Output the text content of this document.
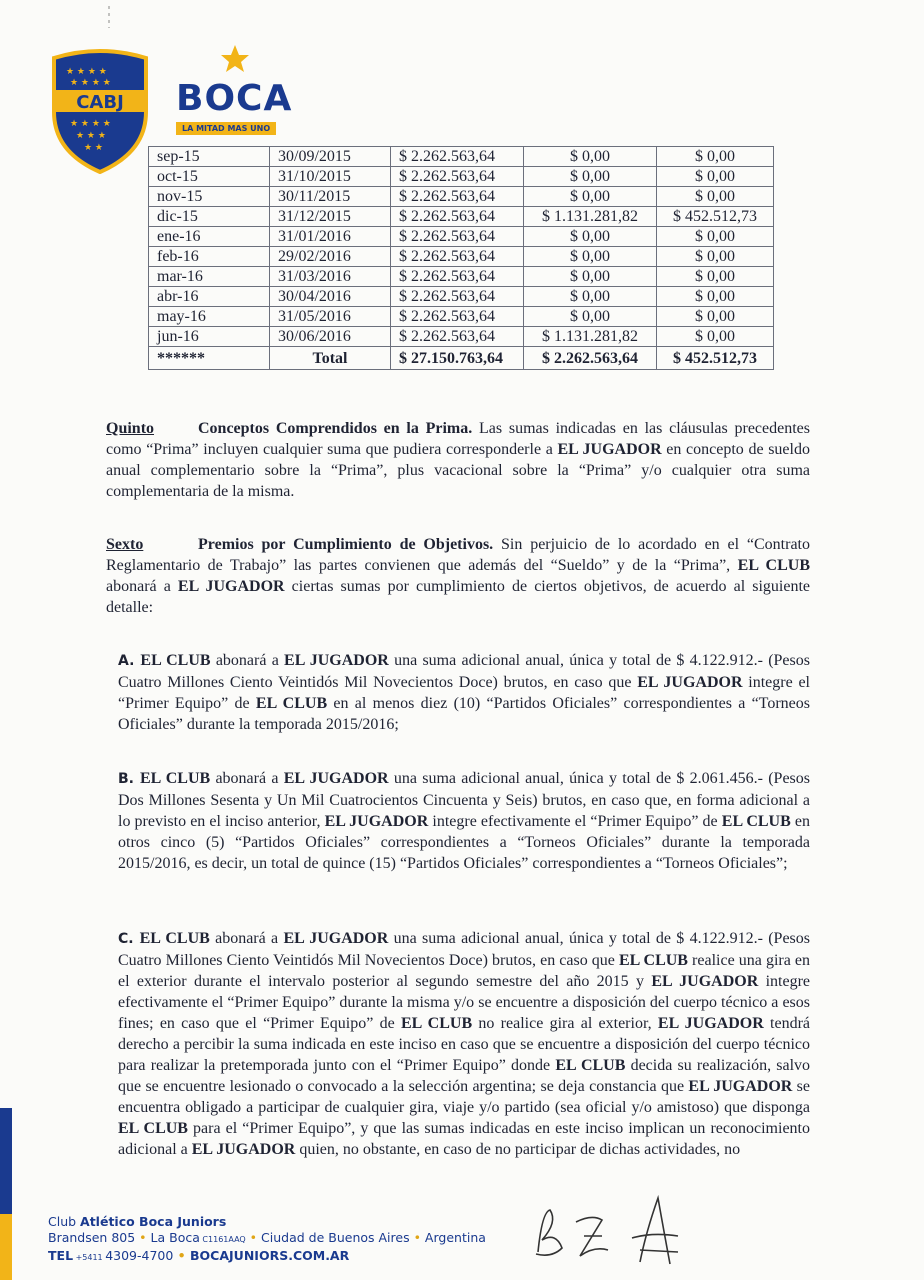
★ ★ ★ ★
★ ★ ★ ★
★ ★ ★ ★
★ ★ ★
★ ★
CABJ BOCA
LA MITAD MAS UNO
sep-15	30/09/2015	$ 2.262.563,64	$ 0,00	$ 0,00
oct-15	31/10/2015	$ 2.262.563,64	$ 0,00	$ 0,00
nov-15	30/11/2015	$ 2.262.563,64	$ 0,00	$ 0,00
dic-15	31/12/2015	$ 2.262.563,64	$ 1.131.281,82	$ 452.512,73
ene-16	31/01/2016	$ 2.262.563,64	$ 0,00	$ 0,00
feb-16	29/02/2016	$ 2.262.563,64	$ 0,00	$ 0,00
mar-16	31/03/2016	$ 2.262.563,64	$ 0,00	$ 0,00
abr-16	30/04/2016	$ 2.262.563,64	$ 0,00	$ 0,00
may-16	31/05/2016	$ 2.262.563,64	$ 0,00	$ 0,00
jun-16	30/06/2016	$ 2.262.563,64	$ 1.131.281,82	$ 0,00
******	Total	$ 27.150.763,64	$ 2.262.563,64	$ 452.512,73
Quinto	Conceptos Comprendidos en la Prima. Las sumas indicadas en las cláusulas precedentes como “Prima” incluyen cualquier suma que pudiera corresponderle a EL JUGADOR en concepto de sueldo anual complementario sobre la “Prima”, plus vacacional sobre la “Prima” y/o cualquier otra suma complementaria de la misma.
Sexto	Premios por Cumplimiento de Objetivos. Sin perjuicio de lo acordado en el “Contrato Reglamentario de Trabajo” las partes convienen que además del “Sueldo” y de la “Prima”, EL CLUB abonará a EL JUGADOR ciertas sumas por cumplimiento de ciertos objetivos, de acuerdo al siguiente detalle:
A. EL CLUB abonará a EL JUGADOR una suma adicional anual, única y total de $ 4.122.912.- (Pesos Cuatro Millones Ciento Veintidós Mil Novecientos Doce) brutos, en caso que EL JUGADOR integre el “Primer Equipo” de EL CLUB en al menos diez (10) “Partidos Oficiales” correspondientes a “Torneos Oficiales” durante la temporada 2015/2016;
B. EL CLUB abonará a EL JUGADOR una suma adicional anual, única y total de $ 2.061.456.- (Pesos Dos Millones Sesenta y Un Mil Cuatrocientos Cincuenta y Seis) brutos, en caso que, en forma adicional a lo previsto en el inciso anterior, EL JUGADOR integre efectivamente el “Primer Equipo” de EL CLUB en otros cinco (5) “Partidos Oficiales” correspondientes a “Torneos Oficiales” durante la temporada 2015/2016, es decir, un total de quince (15) “Partidos Oficiales” correspondientes a “Torneos Oficiales”;
C. EL CLUB abonará a EL JUGADOR una suma adicional anual, única y total de $ 4.122.912.- (Pesos Cuatro Millones Ciento Veintidós Mil Novecientos Doce) brutos, en caso que EL CLUB realice una gira en el exterior durante el intervalo posterior al segundo semestre del año 2015 y EL JUGADOR integre efectivamente el “Primer Equipo” durante la misma y/o se encuentre a disposición del cuerpo técnico a esos fines; en caso que el “Primer Equipo” de EL CLUB no realice gira al exterior, EL JUGADOR tendrá derecho a percibir la suma indicada en este inciso en caso que se encuentre a disposición del cuerpo técnico para realizar la pretemporada junto con el “Primer Equipo” donde EL CLUB decida su realización, salvo que se encuentre lesionado o convocado a la selección argentina; se deja constancia que EL JUGADOR se encuentra obligado a participar de cualquier gira, viaje y/o partido (sea oficial y/o amistoso) que disponga EL CLUB para el “Primer Equipo”, y que las sumas indicadas en este inciso implican un reconocimiento adicional a EL JUGADOR quien, no obstante, en caso de no participar de dichas actividades, no
Club Atlético Boca Juniors
Brandsen 805 • La Boca C1161AAQ • Ciudad de Buenos Aires • Argentina
TEL +5411 4309-4700 • BOCAJUNIORS.COM.AR
